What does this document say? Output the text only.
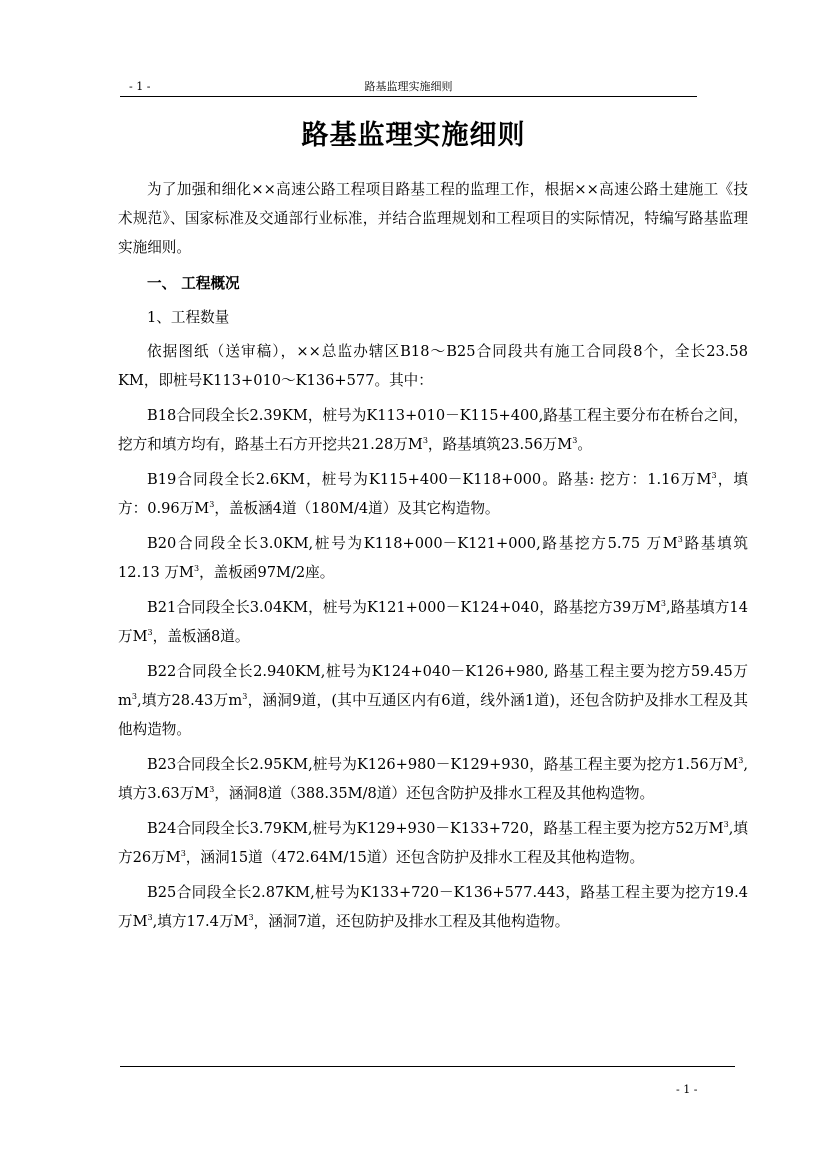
- 1 -	路基监理实施细则
路基监理实施细则

为了加强和细化××高速公路工程项目路基工程的监理工作，根据××高速公路土建施工《技术规范》、国家标准及交通部行业标准，并结合监理规划和工程项目的实际情况，特编写路基监理实施细则。

一、 工程概况

1、工程数量

依据图纸（送审稿），××总监办辖区B18～B25合同段共有施工合同段8个，全长23.58 KM，即桩号K113+010～K136+577。其中：

B18合同段全长2.39KM，桩号为K113+010－K115+400,路基工程主要分布在桥台之间，挖方和填方均有，路基土石方开挖共21.28万$M^3$，路基填筑23.56万$M^3$。

B19合同段全长2.6KM，桩号为K115+400－K118+000。路基: 挖方：1.16万$M^3$，填方：0.96万$M^3$，盖板涵4道（180M/4道）及其它构造物。

B20合同段全长3.0KM,桩号为K118+000－K121+000,路基挖方5.75 万$M^3$路基填筑12.13 万$M^3$，盖板函97M/2座。

B21合同段全长3.04KM，桩号为K121+000－K124+040，路基挖方39万$M^3$,路基填方14万$M^3$，盖板涵8道。

B22合同段全长2.940KM,桩号为K124+040－K126+980, 路基工程主要为挖方59.45万$m^3$,填方28.43万$m^3$，涵洞9道，(其中互通区内有6道，线外涵1道)，还包含防护及排水工程及其他构造物。

B23合同段全长2.95KM,桩号为K126+980－K129+930，路基工程主要为挖方1.56万$M^3$,填方3.63万$M^3$，涵洞8道（388.35M/8道）还包含防护及排水工程及其他构造物。

B24合同段全长3.79KM,桩号为K129+930－K133+720，路基工程主要为挖方52万$M^3$,填方26万$M^3$，涵洞15道（472.64M/15道）还包含防护及排水工程及其他构造物。

B25合同段全长2.87KM,桩号为K133+720－K136+577.443，路基工程主要为挖方19.4万$M^3$,填方17.4万$M^3$，涵洞7道，还包防护及排水工程及其他构造物。

- 1 -
